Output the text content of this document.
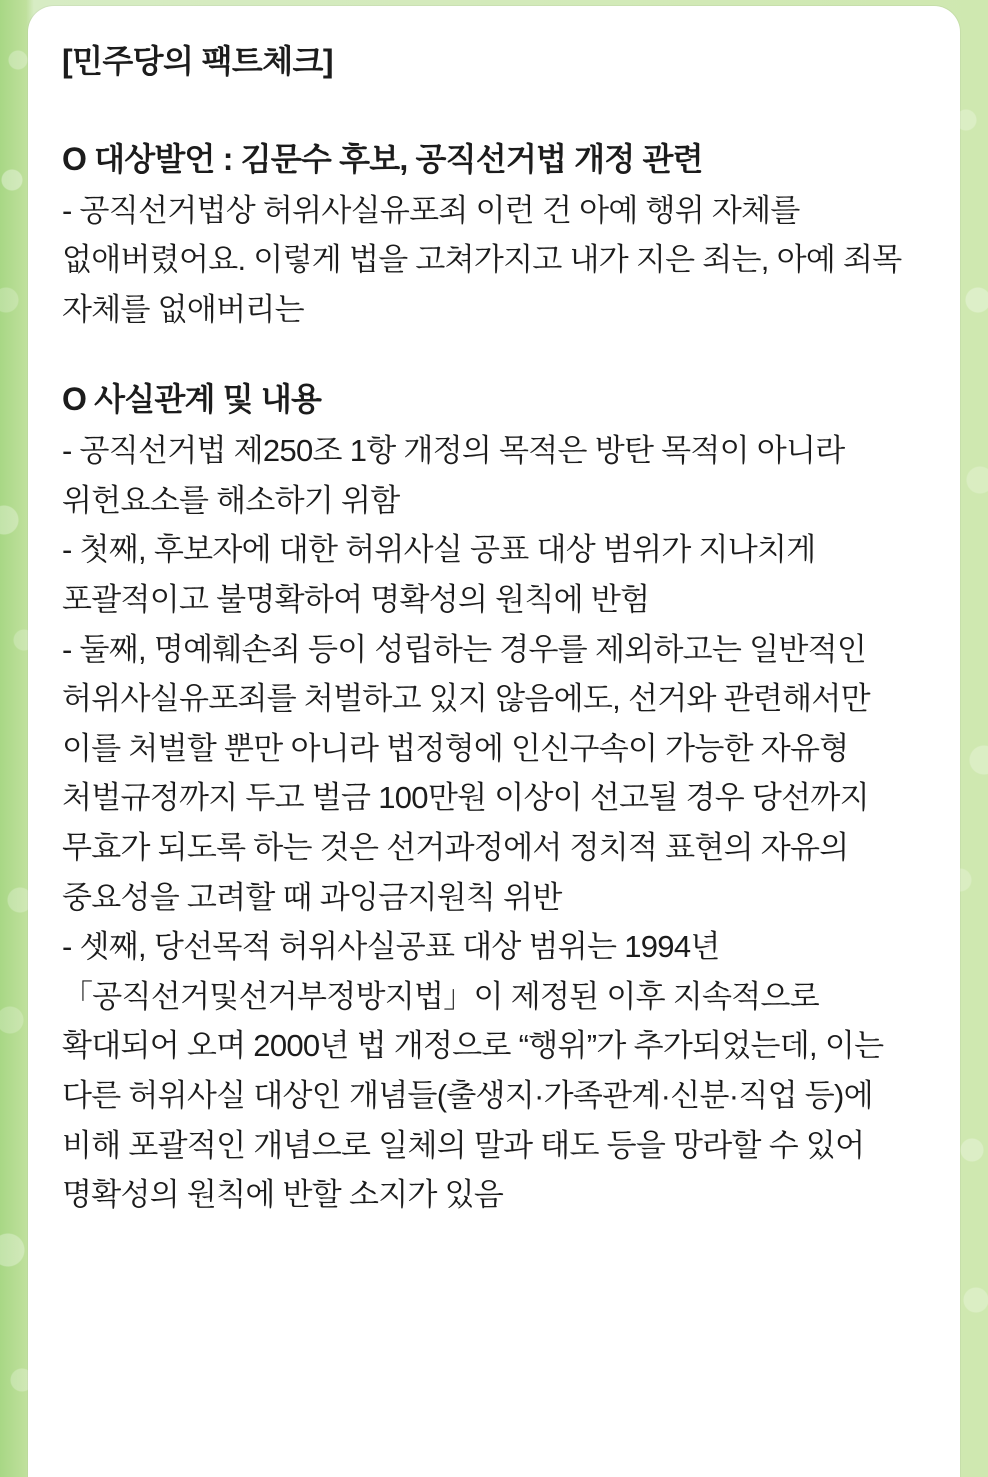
[민주당의 팩트체크]

O 대상발언 : 김문수 후보, 공직선거법 개정 관련

- 공직선거법상 허위사실유포죄 이런 건 아예 행위 자체를 없애버렸어요. 이렇게 법을 고쳐가지고 내가 지은 죄는, 아예 죄목 자체를 없애버리는

O 사실관계 및 내용

- 공직선거법 제250조 1항 개정의 목적은 방탄 목적이 아니라 위헌요소를 해소하기 위함

- 첫째, 후보자에 대한 허위사실 공표 대상 범위가 지나치게 포괄적이고 불명확하여 명확성의 원칙에 반험

- 둘째, 명예훼손죄 등이 성립하는 경우를 제외하고는 일반적인 허위사실유포죄를 처벌하고 있지 않음에도, 선거와 관련해서만 이를 처벌할 뿐만 아니라 법정형에 인신구속이 가능한 자유형 처벌규정까지 두고 벌금 100만원 이상이 선고될 경우 당선까지 무효가 되도록 하는 것은 선거과정에서 정치적 표현의 자유의 중요성을 고려할 때 과잉금지원칙 위반

- 셋째, 당선목적 허위사실공표 대상 범위는 1994년 「공직선거및선거부정방지법」이 제정된 이후 지속적으로 확대되어 오며 2000년 법 개정으로 “행위”가 추가되었는데, 이는 다른 허위사실 대상인 개념들(출생지·가족관계·신분·직업 등)에 비해 포괄적인 개념으로 일체의 말과 태도 등을 망라할 수 있어 명확성의 원칙에 반할 소지가 있음
